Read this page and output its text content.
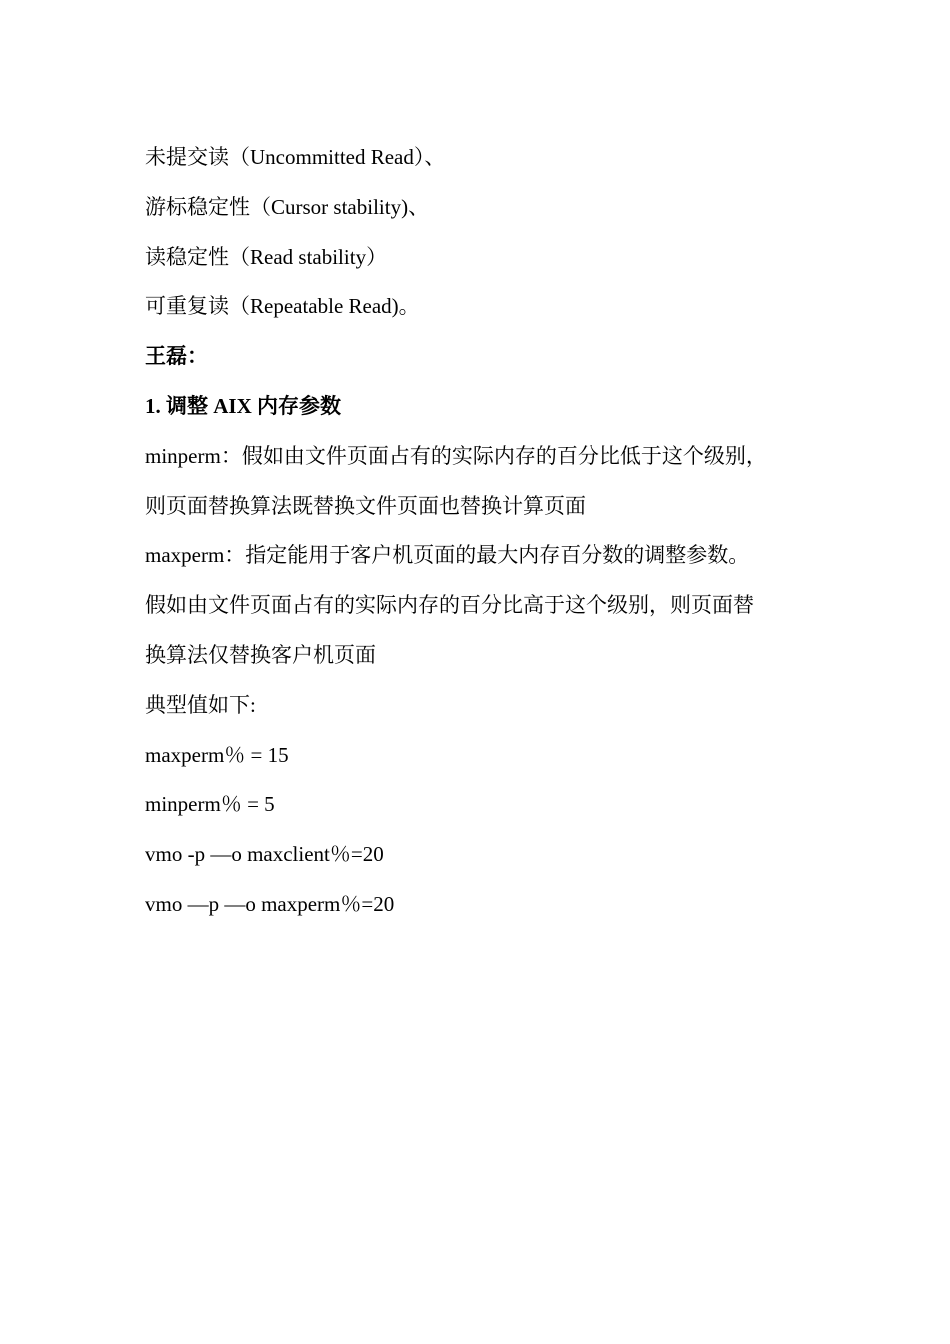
未提交读（Uncommitted Read）、

游标稳定性（Cursor stability)、

读稳定性（Read stability）

可重复读（Repeatable Read)。

王磊：

1. 调整 AIX 内存参数

minperm：假如由文件页面占有的实际内存的百分比低于这个级别，

则页面替换算法既替换文件页面也替换计算页面

maxperm：指定能用于客户机页面的最大内存百分数的调整参数。

假如由文件页面占有的实际内存的百分比高于这个级别，则页面替

换算法仅替换客户机页面

典型值如下:

maxperm％ = 15

minperm％ = 5

vmo -p —o maxclient％=20

vmo —p —o maxperm％=20
